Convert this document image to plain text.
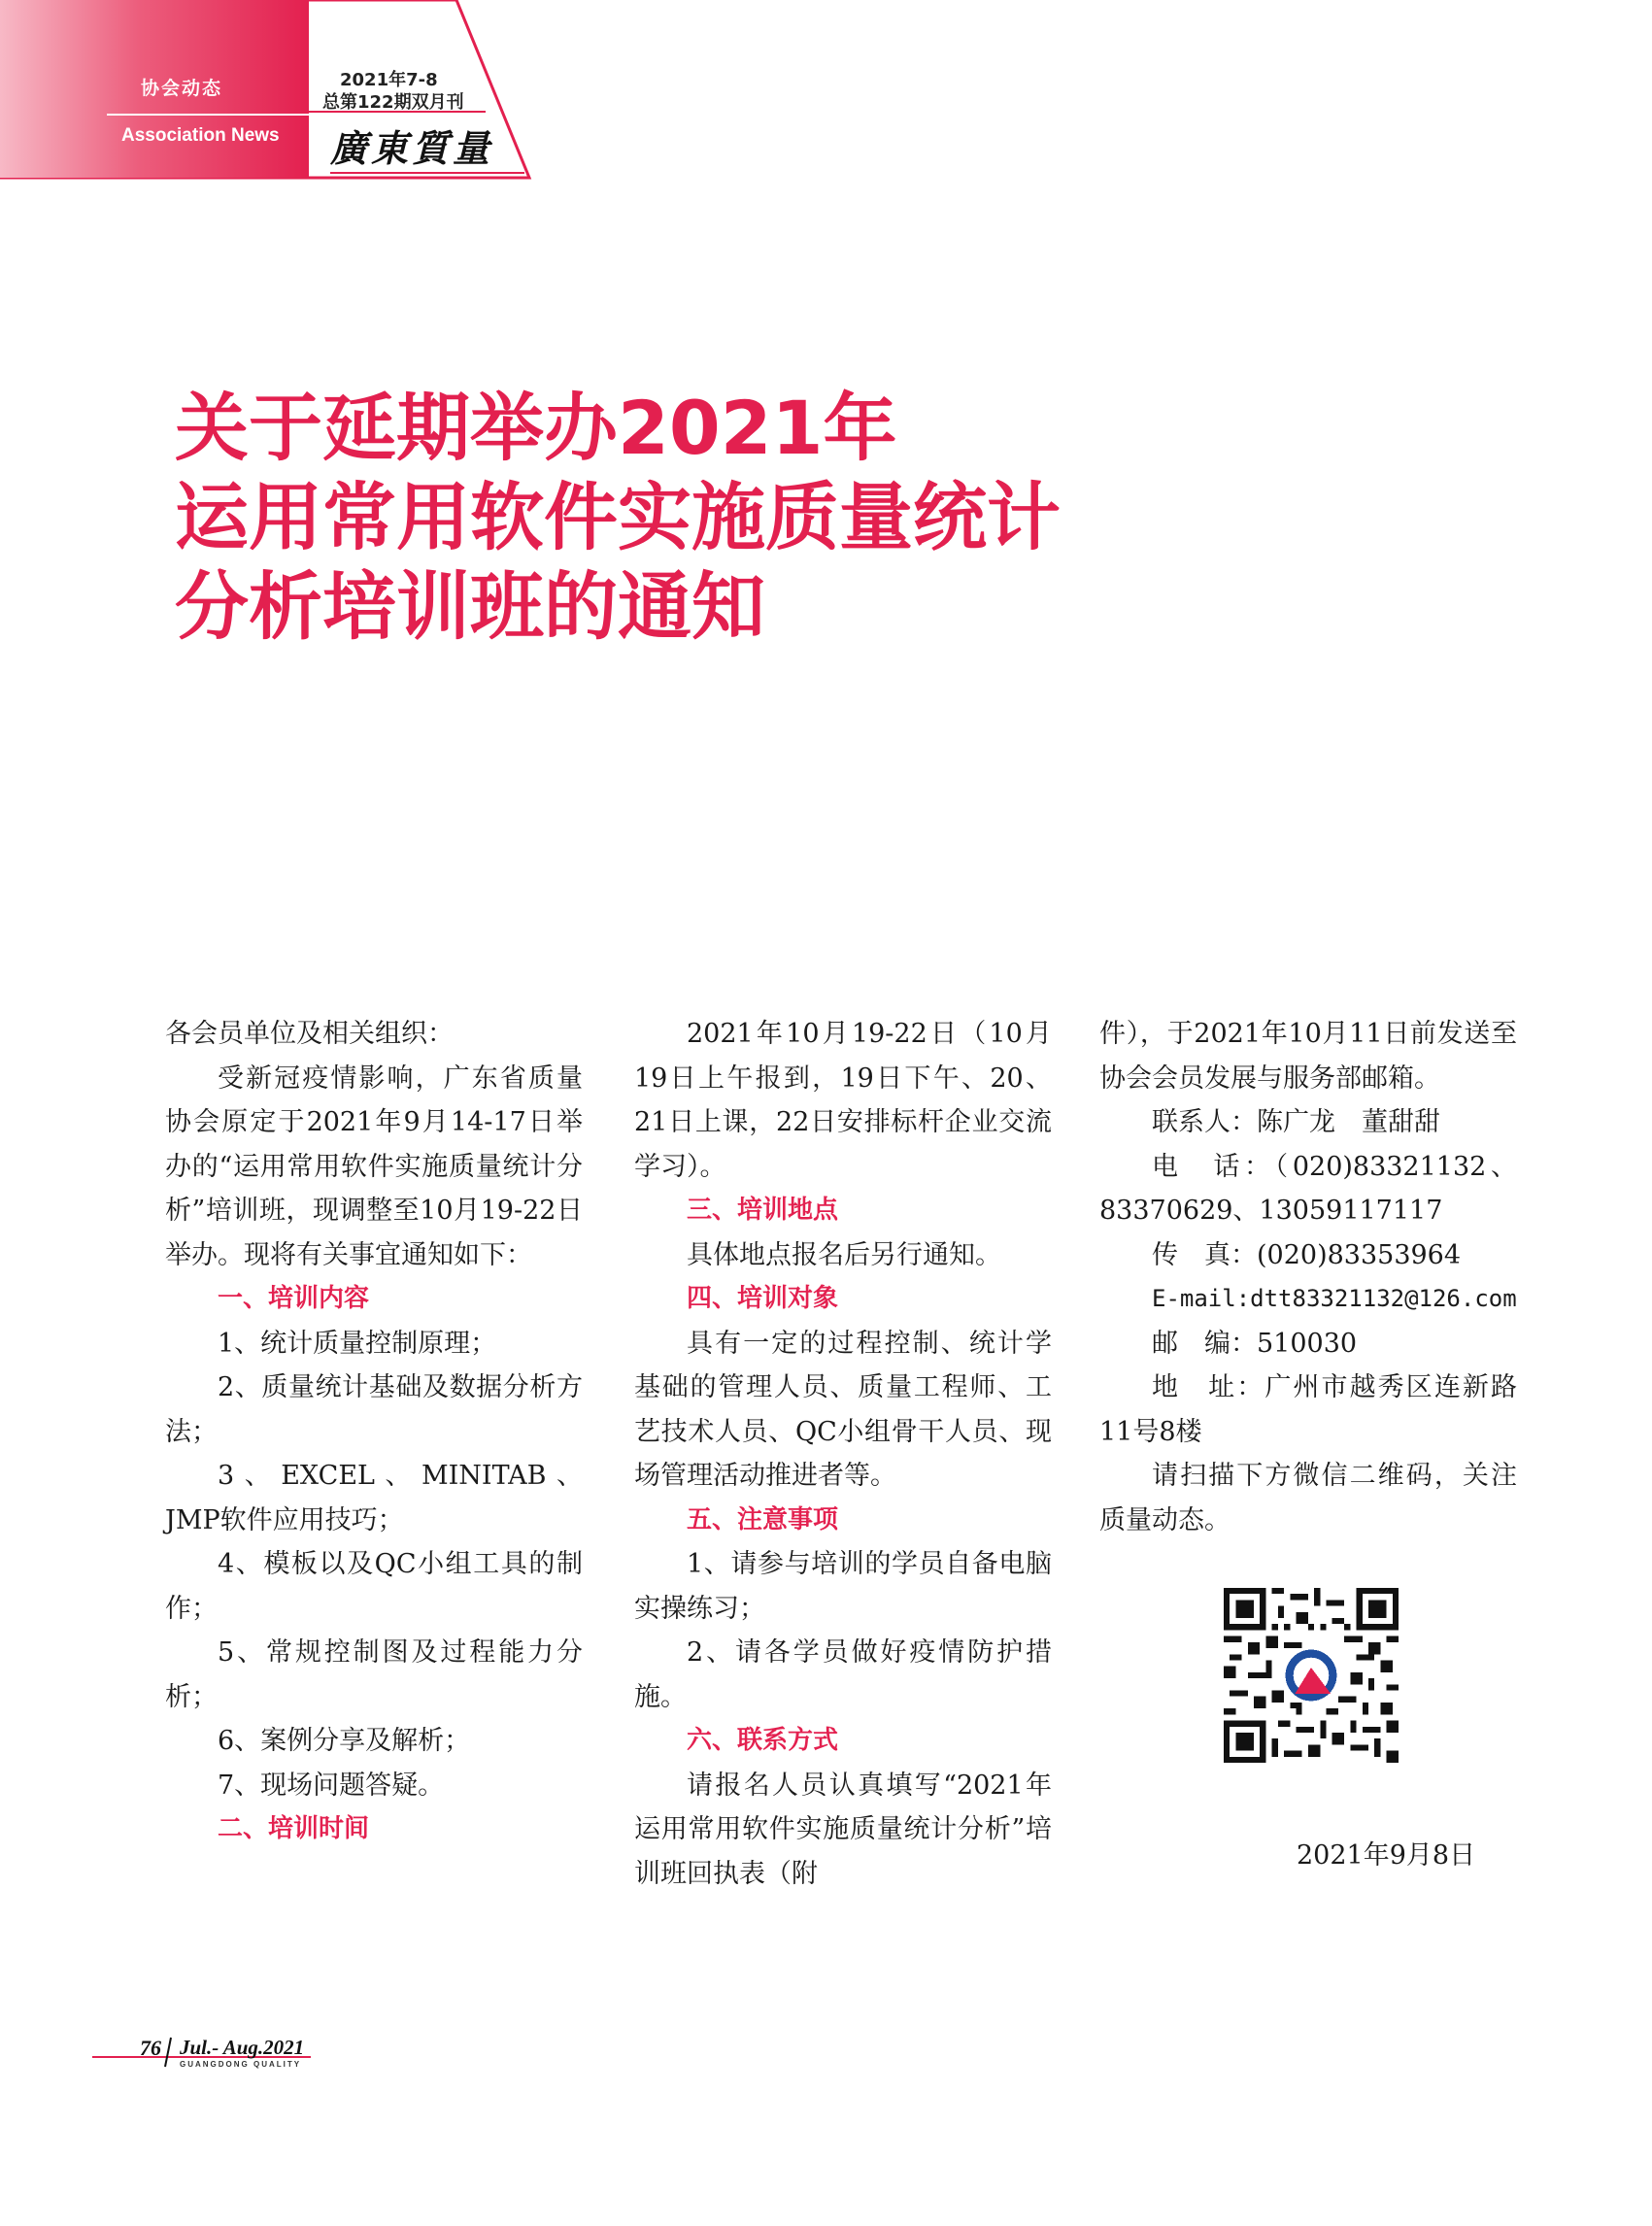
协会动态
Association News
2021年7-8
总第122期双月刊
廣東質量
关于延期举办2021年
运用常用软件实施质量统计
分析培训班的通知

各会员单位及相关组织：

受新冠疫情影响，广东省质量协会原定于2021年9月14-17日举办的“运用常用软件实施质量统计分析”培训班，现调整至10月19-22日举办。现将有关事宜通知如下：

一、培训内容

1、统计质量控制原理；

2、质量统计基础及数据分析方法；

3、EXCEL、MINITAB、JMP软件应用技巧；

4、模板以及QC小组工具的制作；

5、常规控制图及过程能力分析；

6、案例分享及解析；

7、现场问题答疑。

二、培训时间

2021年10月19-22日（10月19日上午报到，19日下午、20、21日上课，22日安排标杆企业交流学习）。

三、培训地点

具体地点报名后另行通知。

四、培训对象

具有一定的过程控制、统计学基础的管理人员、质量工程师、工艺技术人员、QC小组骨干人员、现场管理活动推进者等。

五、注意事项

1、请参与培训的学员自备电脑实操练习；

2、请各学员做好疫情防护措施。

六、联系方式

请报名人员认真填写“2021年运用常用软件实施质量统计分析”培训班回执表（附

件），于2021年10月11日前发送至协会会员发展与服务部邮箱。

联系人：陈广龙　董甜甜

电　话：（020)83321132、83370629、13059117117

传　真：(020)83353964

E-mail:dtt83321132@126.com

邮　编：510030

地　址：广州市越秀区连新路11号8楼

请扫描下方微信二维码，关注质量动态。

2021年9月8日
76 Jul.- Aug.2021
GUANGDONG QUALITY
